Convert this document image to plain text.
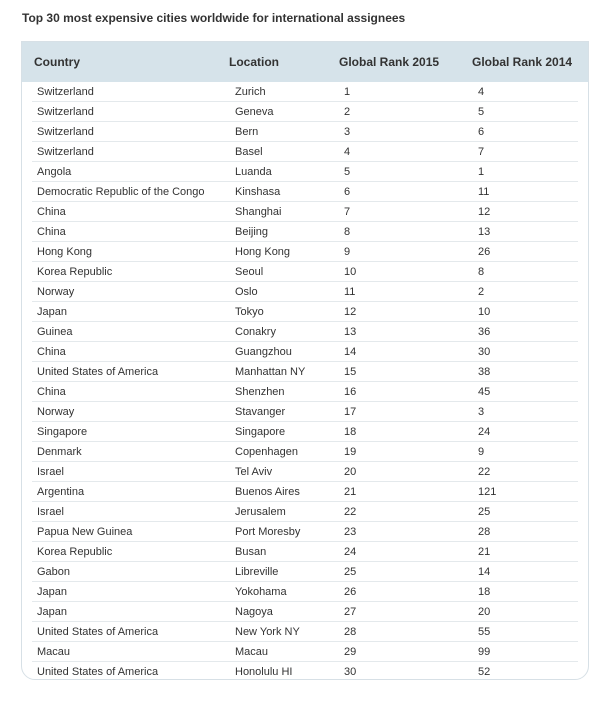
Top 30 most expensive cities worldwide for international assignees
Country	Location	Global Rank 2015	Global Rank 2014
Switzerland	Zurich	1	4
Switzerland	Geneva	2	5
Switzerland	Bern	3	6
Switzerland	Basel	4	7
Angola	Luanda	5	1
Democratic Republic of the Congo	Kinshasa	6	11
China	Shanghai	7	12
China	Beijing	8	13
Hong Kong	Hong Kong	9	26
Korea Republic	Seoul	10	8
Norway	Oslo	11	2
Japan	Tokyo	12	10
Guinea	Conakry	13	36
China	Guangzhou	14	30
United States of America	Manhattan NY	15	38
China	Shenzhen	16	45
Norway	Stavanger	17	3
Singapore	Singapore	18	24
Denmark	Copenhagen	19	9
Israel	Tel Aviv	20	22
Argentina	Buenos Aires	21	121
Israel	Jerusalem	22	25
Papua New Guinea	Port Moresby	23	28
Korea Republic	Busan	24	21
Gabon	Libreville	25	14
Japan	Yokohama	26	18
Japan	Nagoya	27	20
United States of America	New York NY	28	55
Macau	Macau	29	99
United States of America	Honolulu HI	30	52
